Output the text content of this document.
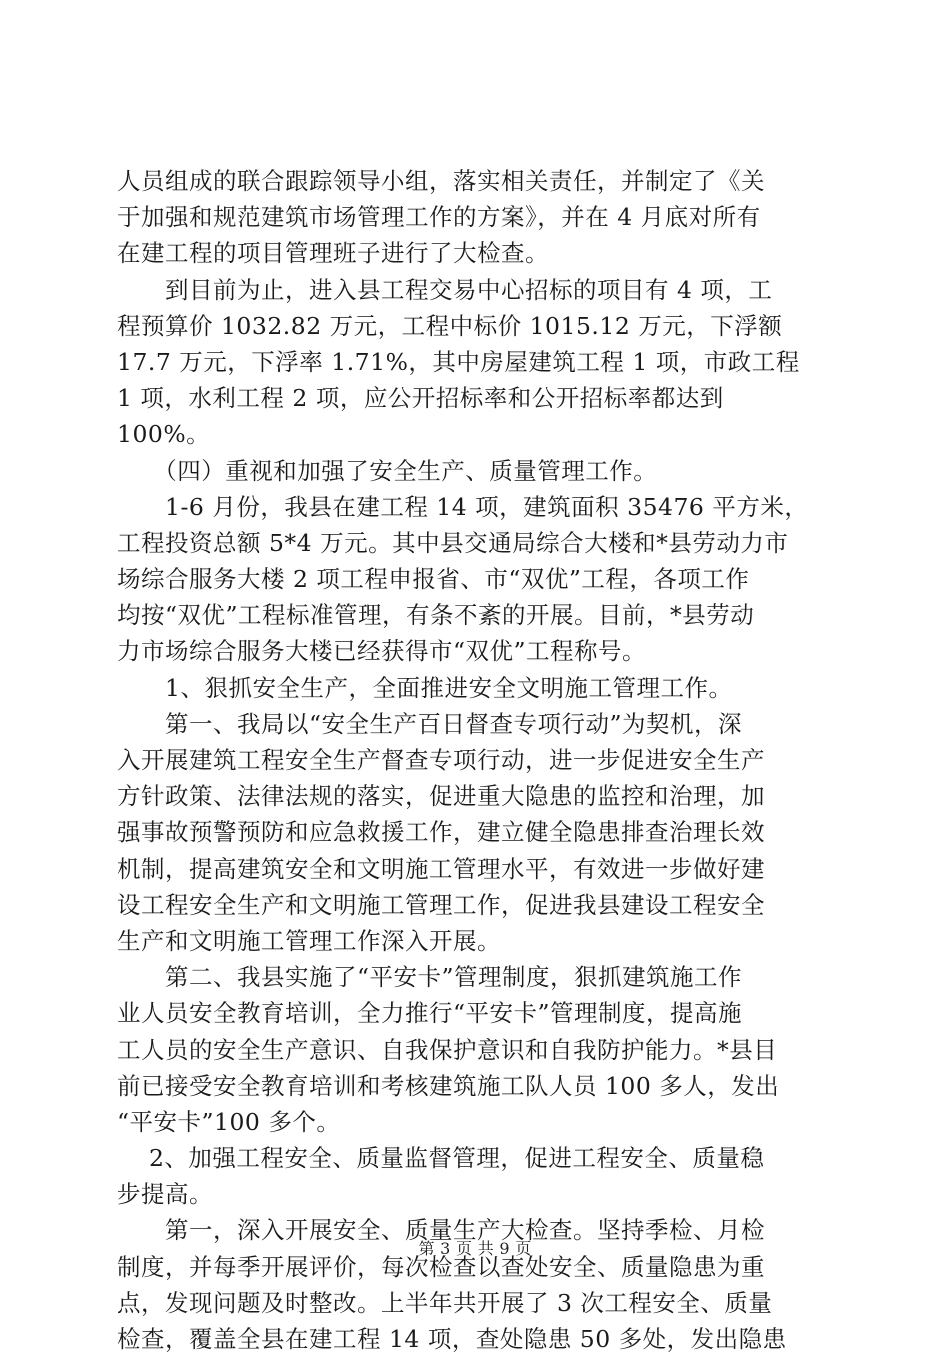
人员组成的联合跟踪领导小组，落实相关责任，并制定了《关
于加强和规范建筑市场管理工作的方案》，并在 4 月底对所有
在建工程的项目管理班子进行了大检查。
　　到目前为止，进入县工程交易中心招标的项目有 4 项，工
程预算价 1032.82 万元，工程中标价 1015.12 万元，下浮额
17.7 万元，下浮率 1.71%，其中房屋建筑工程 1 项，市政工程
1 项，水利工程 2 项，应公开招标率和公开招标率都达到
100%。
　　（四）重视和加强了安全生产、质量管理工作。
　　1-6 月份，我县在建工程 14 项，建筑面积 35476 平方米，
工程投资总额 5*4 万元。其中县交通局综合大楼和*县劳动力市
场综合服务大楼 2 项工程申报省、市“双优”工程，各项工作
均按“双优”工程标准管理，有条不紊的开展。目前，*县劳动
力市场综合服务大楼已经获得市“双优”工程称号。
　　1、狠抓安全生产，全面推进安全文明施工管理工作。
　　第一、我局以“安全生产百日督查专项行动”为契机，深
入开展建筑工程安全生产督查专项行动，进一步促进安全生产
方针政策、法律法规的落实，促进重大隐患的监控和治理，加
强事故预警预防和应急救援工作，建立健全隐患排查治理长效
机制，提高建筑安全和文明施工管理水平，有效进一步做好建
设工程安全生产和文明施工管理工作，促进我县建设工程安全
生产和文明施工管理工作深入开展。
　　第二、我县实施了“平安卡”管理制度，狠抓建筑施工作
业人员安全教育培训，全力推行“平安卡”管理制度，提高施
工人员的安全生产意识、自我保护意识和自我防护能力。*县目
前已接受安全教育培训和考核建筑施工队人员 100 多人，发出
“平安卡”100 多个。
　 2、加强工程安全、质量监督管理，促进工程安全、质量稳
步提高。
　　第一，深入开展安全、质量生产大检查。坚持季检、月检
制度，并每季开展评价，每次检查以查处安全、质量隐患为重
点，发现问题及时整改。上半年共开展了 3 次工程安全、质量
检查，覆盖全县在建工程 14 项，查处隐患 50 多处，发出隐患
第 3 页 共 9 页
